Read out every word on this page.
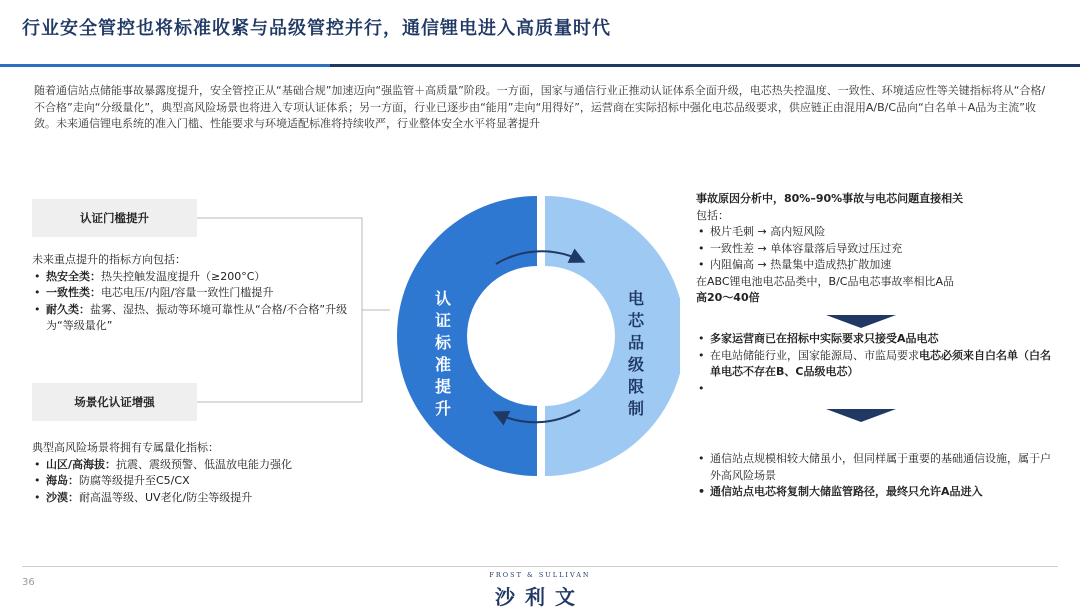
行业安全管控也将标准收紧与品级管控并行，通信锂电进入高质量时代
随着通信站点储能事故暴露度提升，安全管控正从“基础合规”加速迈向“强监管＋高质量”阶段。一方面，国家与通信行业正推动认证体系全面升级，电芯热失控温度、一致性、环境适应性等关键指标将从“合格/不合格”走向“分级量化”，典型高风险场景也将进入专项认证体系；另一方面，行业已逐步由“能用”走向“用得好”，运营商在实际招标中强化电芯品级要求，供应链正由混用A/B/C品向“白名单＋A品为主流”收敛。未来通信锂电系统的准入门槛、性能要求与环境适配标准将持续收严，行业整体安全水平将显著提升
认证门槛提升
未来重点提升的指标方向包括：
• 热安全类：热失控触发温度提升（≥200°C）
• 一致性类：电芯电压/内阻/容量一致性门槛提升
• 耐久类：盐雾、湿热、振动等环境可靠性从“合格/不合格”升级为“等级量化”
场景化认证增强
典型高风险场景将拥有专属量化指标：
• 山区/高海拔：抗震、震级预警、低温放电能力强化
• 海岛：防腐等级提升至C5/CX
• 沙漠：耐高温等级、UV老化/防尘等级提升
认
证
标
准
提
升
电
芯
品
级
限
制
事故原因分析中，80%–90%事故与电芯问题直接相关
包括：
• 极片毛刺 → 高内短风险
• 一致性差 → 单体容量落后导致过压过充
• 内阻偏高 → 热量集中造成热扩散加速
在ABC锂电池电芯品类中，B/C品电芯事故率相比A品
高20～40倍
• 多家运营商已在招标中实际要求只接受A品电芯
• 在电站储能行业，国家能源局、市监局要求电芯必须来自白名单（白名单电芯不存在B、C品级电芯）
• 通信站点规模相较大储虽小，但同样属于重要的基础通信设施，属于户外高风险场景
• 通信站点电芯将复制大储监管路径，最终只允许A品进入
36
FROST & SULLIVAN
沙利文
